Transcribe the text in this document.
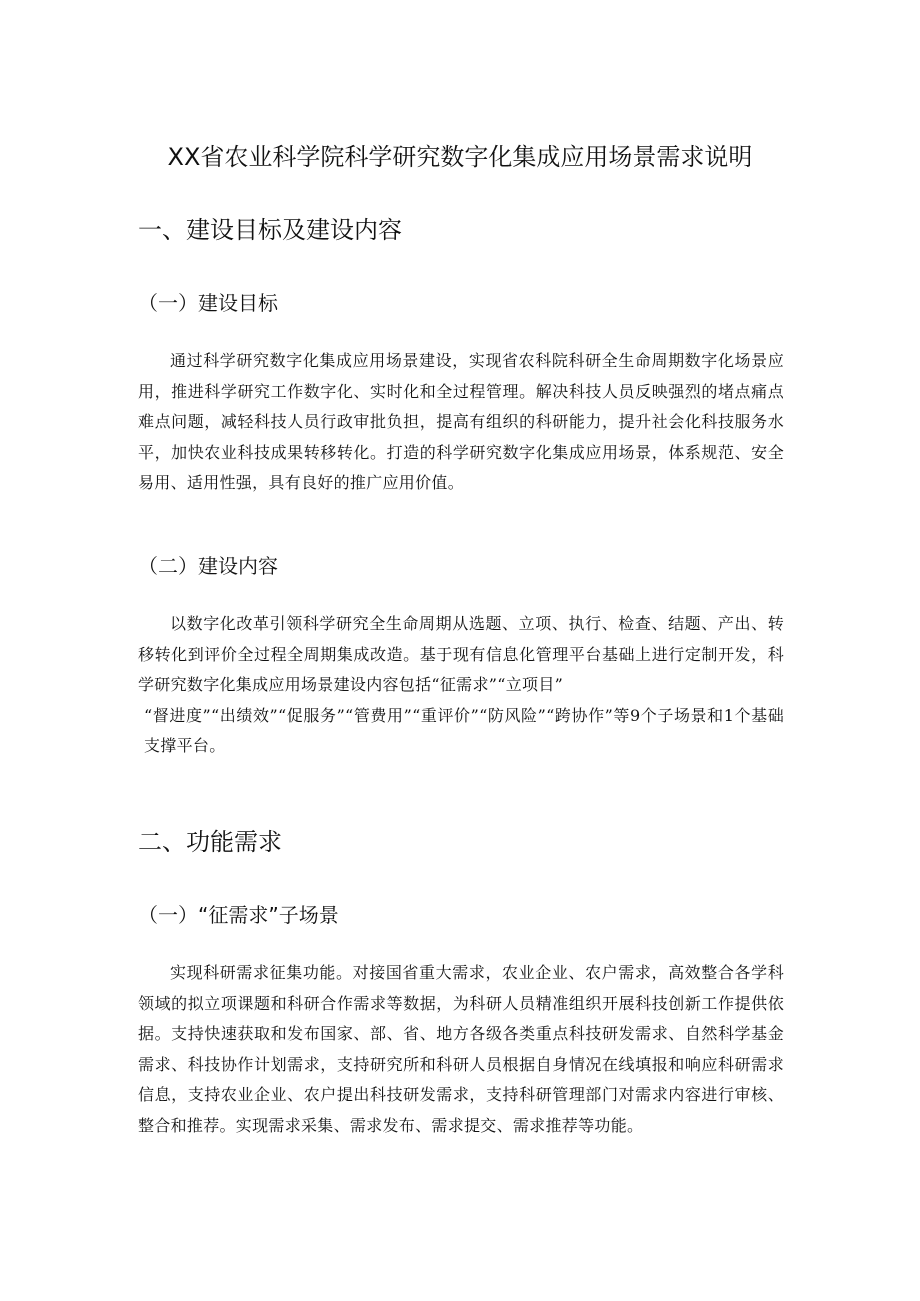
XX省农业科学院科学研究数字化集成应用场景需求说明
一、建设目标及建设内容
（一）建设目标

通过科学研究数字化集成应用场景建设，实现省农科院科研全生命周期数字化场景应用，推进科学研究工作数字化、实时化和全过程管理。解决科技人员反映强烈的堵点痛点难点问题，减轻科技人员行政审批负担，提高有组织的科研能力，提升社会化科技服务水平，加快农业科技成果转移转化。打造的科学研究数字化集成应用场景，体系规范、安全易用、适用性强，具有良好的推广应用价值。

（二）建设内容
以数字化改革引领科学研究全生命周期从选题、立项、执行、检查、结题、产出、转移转化到评价全过程全周期集成改造。基于现有信息化管理平台基础上进行定制开发，科学研究数字化集成应用场景建设内容包括“征需求”“立项目”
“督进度”“出绩效”“促服务”“管费用”“重评价”“防风险”“跨协作”等9个子场景和1个基础支撑平台。
二、功能需求
（一）“征需求”子场景

实现科研需求征集功能。对接国省重大需求，农业企业、农户需求，高效整合各学科领域的拟立项课题和科研合作需求等数据，为科研人员精准组织开展科技创新工作提供依据。支持快速获取和发布国家、部、省、地方各级各类重点科技研发需求、自然科学基金需求、科技协作计划需求，支持研究所和科研人员根据自身情况在线填报和响应科研需求信息，支持农业企业、农户提出科技研发需求，支持科研管理部门对需求内容进行审核、整合和推荐。实现需求采集、需求发布、需求提交、需求推荐等功能。
